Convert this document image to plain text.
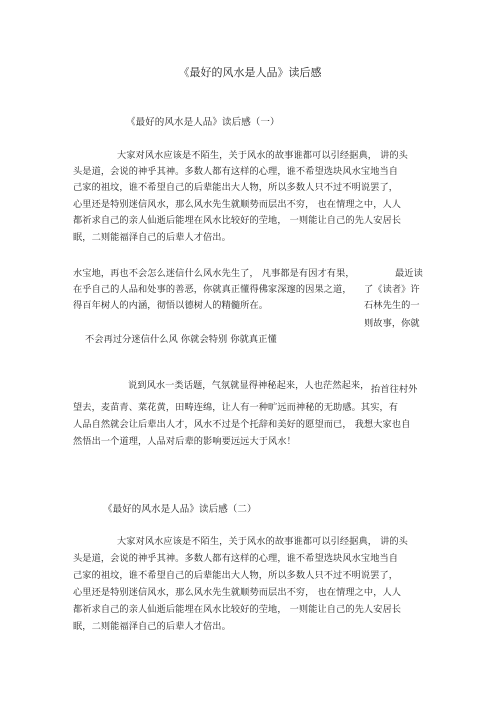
《最好的风水是人品》读后感
《最好的风水是人品》读后感（一）
大家对风水应该是不陌生，关于风水的故事谁都可以引经据典， 讲的头
头是道，会说的神乎其神。多数人都有这样的心理，谁不希望选块风水宝地当自
己家的祖坟，谁不希望自己的后辈能出大人物，所以多数人只不过不明说罢了，
心里还是特别迷信风水，那么风水先生就顺势而层出不穷， 也在情理之中，人人
都祈求自己的亲人仙逝后能埋在风水比较好的茔地， 一则能让自己的先人安居长
眠，二则能福泽自己的后辈人才倍出。
水宝地，再也不会怎么迷信什么风水先生了， 凡事都是有因才有果，
在乎自己的人品和处事的善恶，你就真正懂得佛家深邃的因果之道，
得百年树人的内涵，彻悟以德树人的精髓所在。
最近读
了《读者》许
石林先生的一
则故事，你就
不会再过分迷信什么风 你就会特别 你就真正懂
说到风水一类话题，气氛就显得神秘起来，人也茫然起来， 抬首往村外
望去，麦苗青、菜花黄，田畴连绵，让人有一种旷远而神秘的无助感。其实，有
人品自然就会让后辈出人才，风水不过是个托辞和美好的愿望而已， 我想大家也自
然悟出一个道理，人品对后辈的影响要远远大于风水！
《最好的风水是人品》读后感（二）
大家对风水应该是不陌生，关于风水的故事谁都可以引经据典， 讲的头
头是道，会说的神乎其神。多数人都有这样的心理，谁不希望选块风水宝地当自
己家的祖坟，谁不希望自己的后辈能出大人物，所以多数人只不过不明说罢了，
心里还是特别迷信风水，那么风水先生就顺势而层出不穷， 也在情理之中，人人
都祈求自己的亲人仙逝后能埋在风水比较好的茔地， 一则能让自己的先人安居长
眠，二则能福泽自己的后辈人才倍出。
